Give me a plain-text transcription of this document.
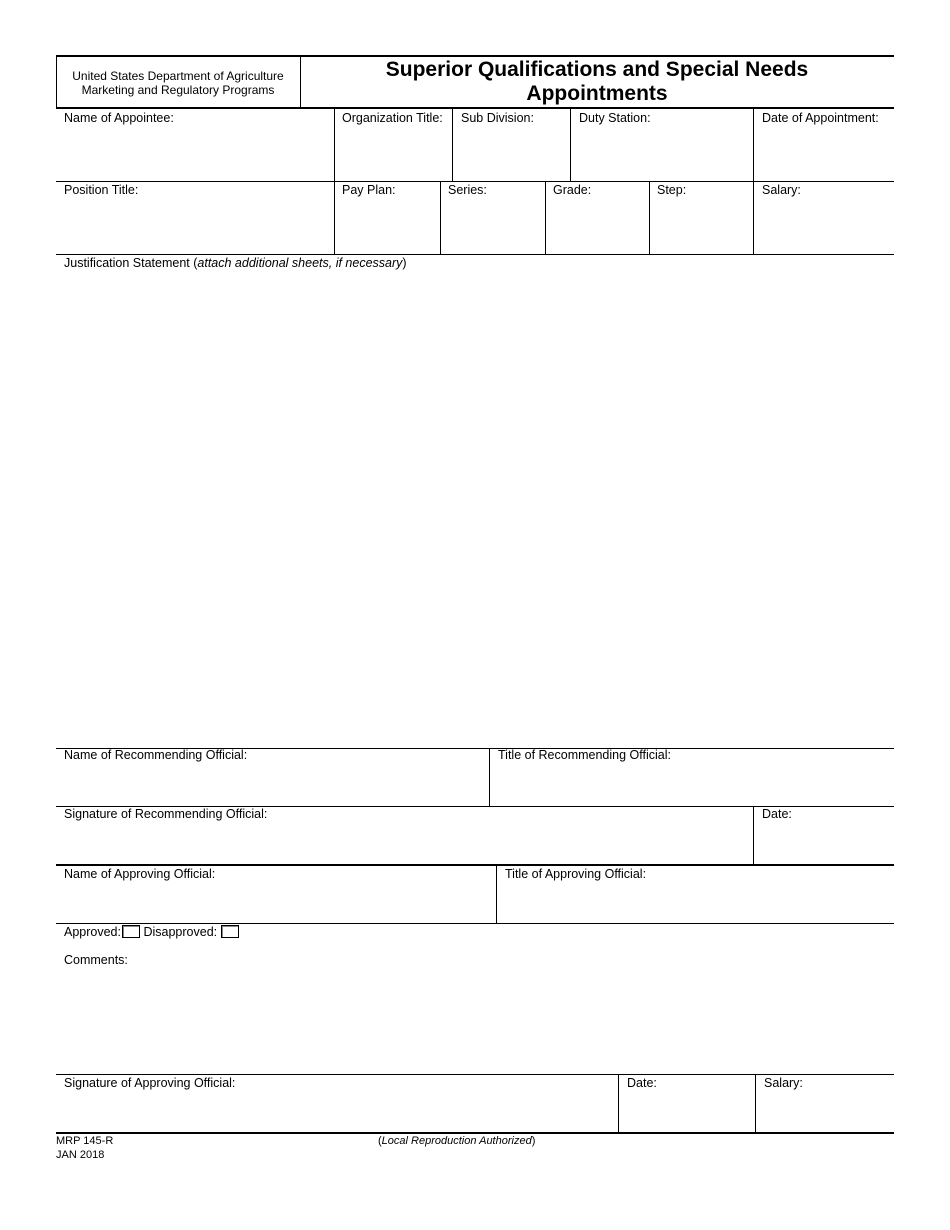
United States Department of Agriculture
Marketing and Regulatory Programs
Superior Qualifications and Special Needs
Appointments
Name of Appointee:	Organization Title: Sub Division:	Duty Station:	Date of Appointment:
Position Title:	Pay Plan:	Series:	Grade:	Step:	Salary:
Justification Statement (attach additional sheets, if necessary)
Name of Recommending Official:	Title of Recommending Official:
Signature of Recommending Official:	Date:
Name of Approving Official:	Title of Approving Official:
Approved: Disapproved:
Comments:
Signature of Approving Official:	Date:	Salary:
MRP 145-R
JAN 2018
(Local Reproduction Authorized)
